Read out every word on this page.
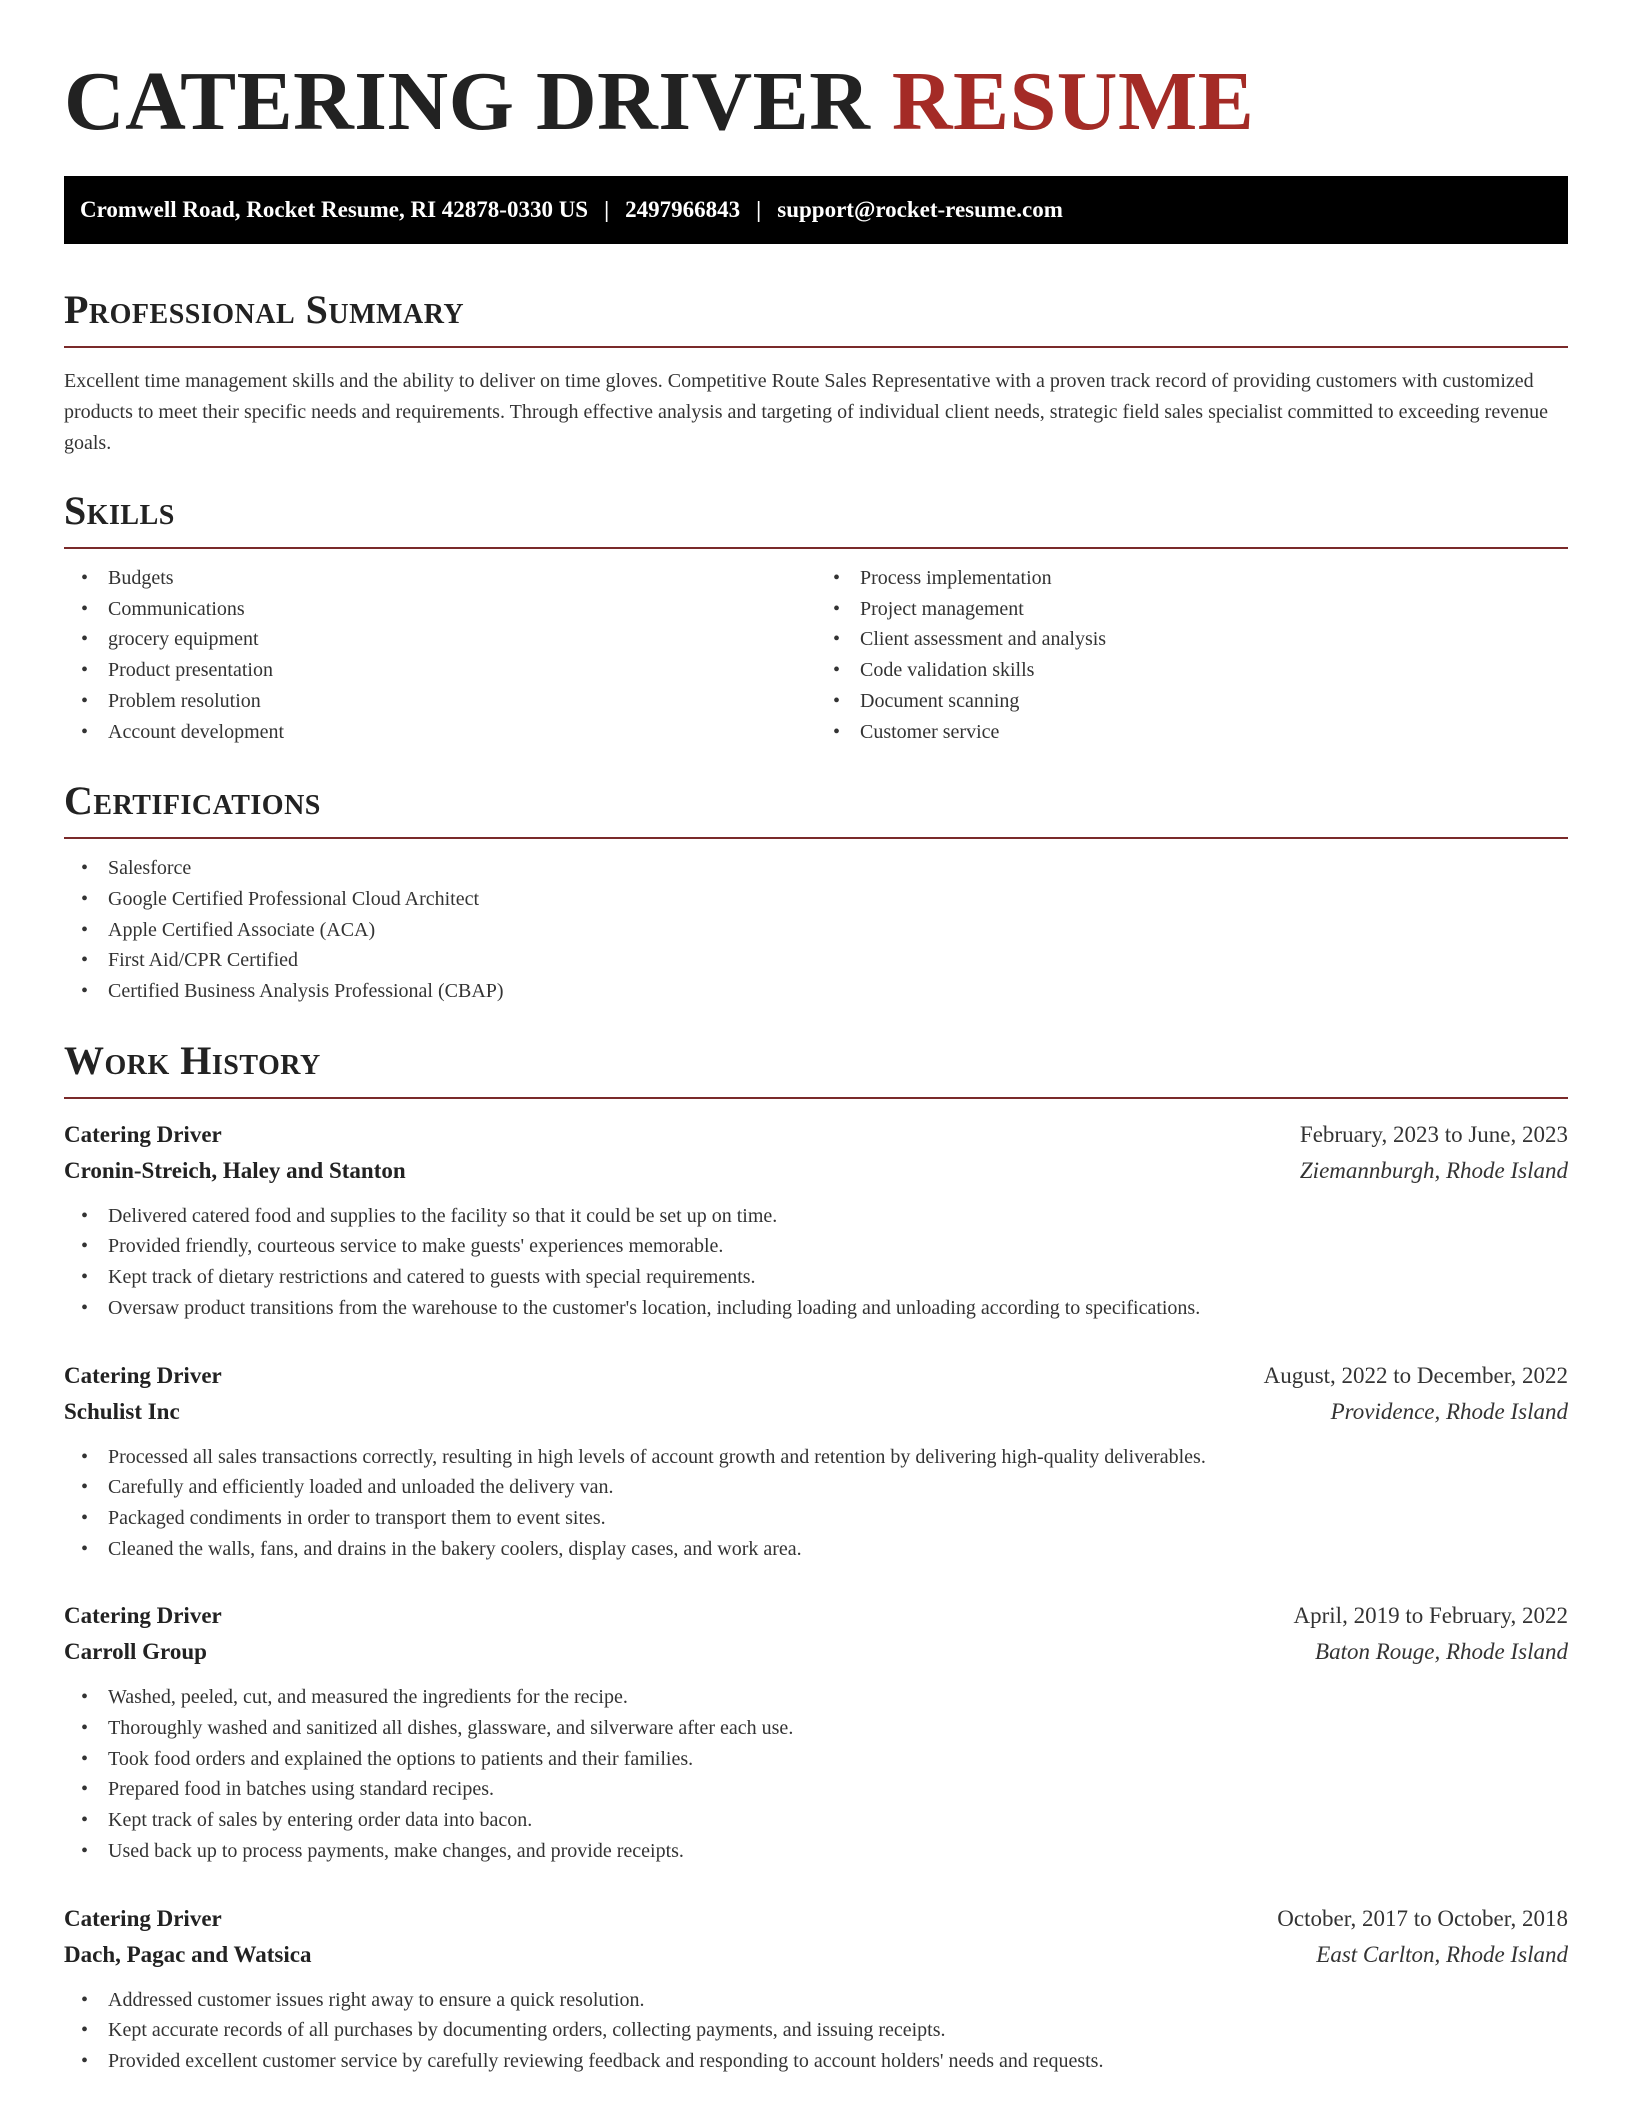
CATERING DRIVER RESUME
Cromwell Road, Rocket Resume, RI 42878-0330 US | 2497966843 | support@rocket-resume.com
Professional Summary

Excellent time management skills and the ability to deliver on time gloves. Competitive Route Sales Representative with a proven track record of providing customers with customized products to meet their specific needs and requirements. Through effective analysis and targeting of individual client needs, strategic field sales specialist committed to exceeding revenue goals.

Skills
• Budgets
• Communications
• grocery equipment
• Product presentation
• Problem resolution
• Account development
• Process implementation
• Project management
• Client assessment and analysis
• Code validation skills
• Document scanning
• Customer service
Certifications
• Salesforce
• Google Certified Professional Cloud Architect
• Apple Certified Associate (ACA)
• First Aid/CPR Certified
• Certified Business Analysis Professional (CBAP)
Work History
Catering Driver	February, 2023 to June, 2023
Cronin-Streich, Haley and Stanton	Ziemannburgh, Rhode Island
• Delivered catered food and supplies to the facility so that it could be set up on time.
• Provided friendly, courteous service to make guests' experiences memorable.
• Kept track of dietary restrictions and catered to guests with special requirements.
• Oversaw product transitions from the warehouse to the customer's location, including loading and unloading according to specifications.
Catering Driver	August, 2022 to December, 2022
Schulist Inc	Providence, Rhode Island
• Processed all sales transactions correctly, resulting in high levels of account growth and retention by delivering high-quality deliverables.
• Carefully and efficiently loaded and unloaded the delivery van.
• Packaged condiments in order to transport them to event sites.
• Cleaned the walls, fans, and drains in the bakery coolers, display cases, and work area.
Catering Driver	April, 2019 to February, 2022
Carroll Group	Baton Rouge, Rhode Island
• Washed, peeled, cut, and measured the ingredients for the recipe.
• Thoroughly washed and sanitized all dishes, glassware, and silverware after each use.
• Took food orders and explained the options to patients and their families.
• Prepared food in batches using standard recipes.
• Kept track of sales by entering order data into bacon.
• Used back up to process payments, make changes, and provide receipts.
Catering Driver	October, 2017 to October, 2018
Dach, Pagac and Watsica	East Carlton, Rhode Island
• Addressed customer issues right away to ensure a quick resolution.
• Kept accurate records of all purchases by documenting orders, collecting payments, and issuing receipts.
• Provided excellent customer service by carefully reviewing feedback and responding to account holders' needs and requests.
